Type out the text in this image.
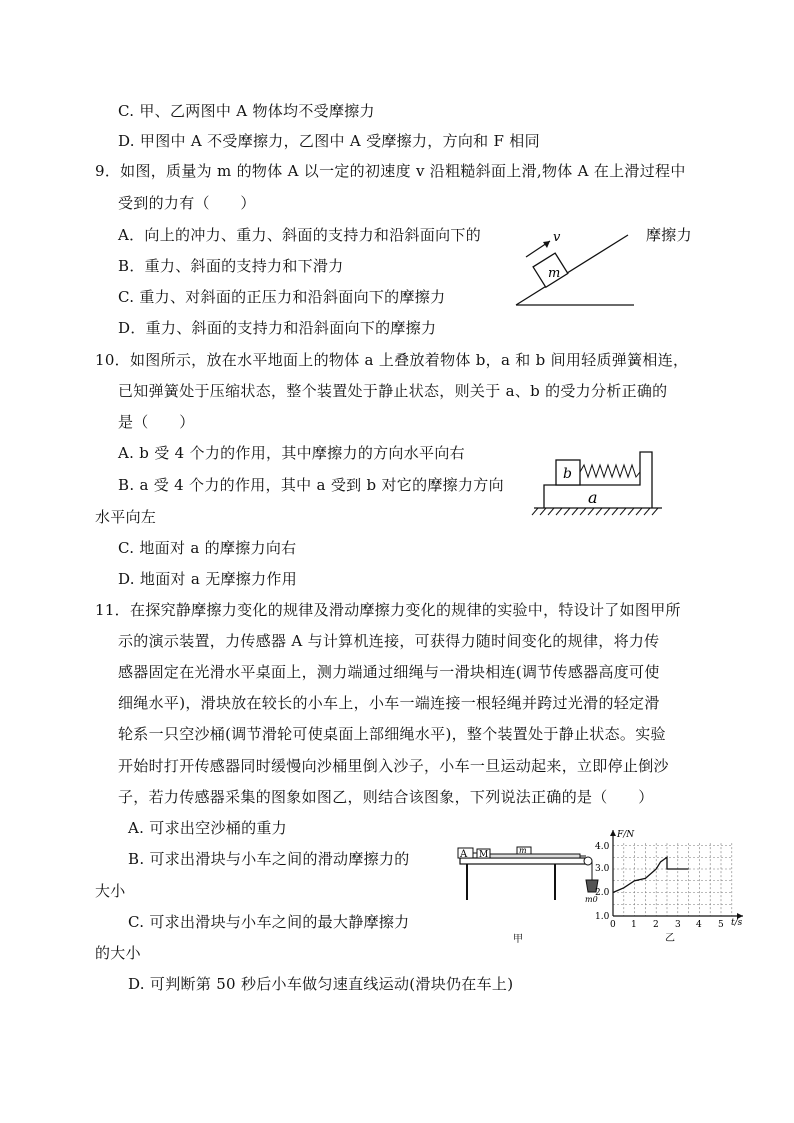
C. 甲、乙两图中 A 物体均不受摩擦力
D. 甲图中 A 不受摩擦力，乙图中 A 受摩擦力，方向和 F 相同
9．如图，质量为 m 的物体 A 以一定的初速度 v 沿粗糙斜面上滑,物体 A 在上滑过程中
受到的力有（　　）
A．向上的冲力、重力、斜面的支持力和沿斜面向下的	摩擦力
B．重力、斜面的支持力和下滑力
C. 重力、对斜面的正压力和沿斜面向下的摩擦力
D．重力、斜面的支持力和沿斜面向下的摩擦力
m
v
10．如图所示，放在水平地面上的物体 a 上叠放着物体 b，a 和 b 间用轻质弹簧相连，
已知弹簧处于压缩状态，整个装置处于静止状态，则关于 a、b 的受力分析正确的
是（　　）
A. b 受 4 个力的作用，其中摩擦力的方向水平向右
B. a 受 4 个力的作用，其中 a 受到 b 对它的摩擦力方向
水平向左
C. 地面对 a 的摩擦力向右
D. 地面对 a 无摩擦力作用
a
b
11．在探究静摩擦力变化的规律及滑动摩擦力变化的规律的实验中，特设计了如图甲所
示的演示装置，力传感器 A 与计算机连接，可获得力随时间变化的规律，将力传
感器固定在光滑水平桌面上，测力端通过细绳与一滑块相连(调节传感器高度可使
细绳水平)，滑块放在较长的小车上，小车一端连接一根轻绳并跨过光滑的轻定滑
轮系一只空沙桶(调节滑轮可使桌面上部细绳水平)，整个装置处于静止状态。实验
开始时打开传感器同时缓慢向沙桶里倒入沙子，小车一旦运动起来，立即停止倒沙
子，若力传感器采集的图象如图乙，则结合该图象，下列说法正确的是（　　）
A. 可求出空沙桶的重力
B. 可求出滑块与小车之间的滑动摩擦力的
大小
C. 可求出滑块与小车之间的最大静摩擦力
的大小
D. 可判断第 50 秒后小车做匀速直线运动(滑块仍在车上)
A M	m
m0
甲
F/N
t/s
4.0
3.0
2.0
1.0
0 1 2 3 4 5
乙
